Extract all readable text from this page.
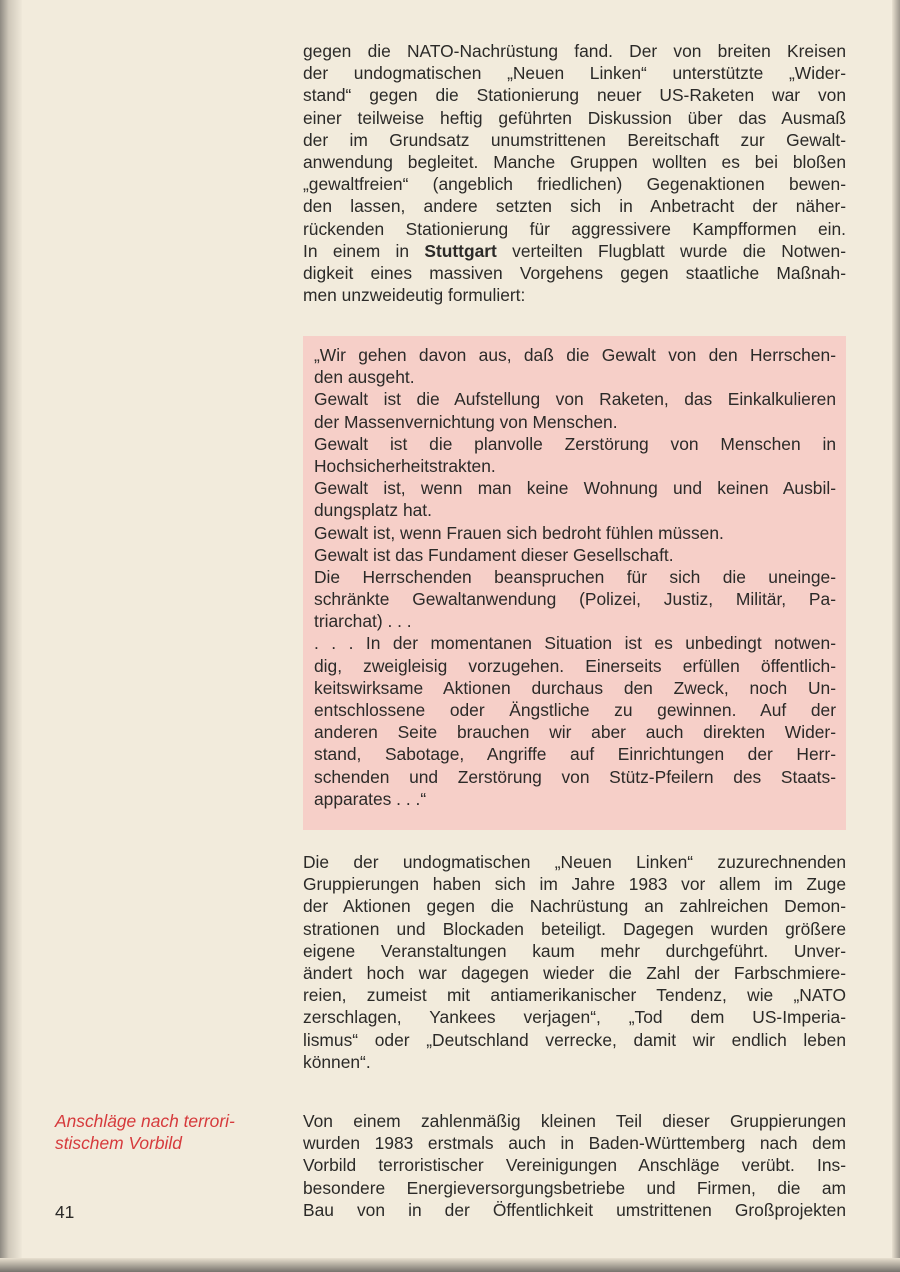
gegen die NATO-Nachrüstung fand. Der von breiten Kreisen
der undogmatischen „Neuen Linken“ unterstützte „Wider-
stand“ gegen die Stationierung neuer US-Raketen war von
einer teilweise heftig geführten Diskussion über das Ausmaß
der im Grundsatz unumstrittenen Bereitschaft zur Gewalt-
anwendung begleitet. Manche Gruppen wollten es bei bloßen
„gewaltfreien“ (angeblich friedlichen) Gegenaktionen bewen-
den lassen, andere setzten sich in Anbetracht der näher-
rückenden Stationierung für aggressivere Kampfformen ein.
In einem in Stuttgart verteilten Flugblatt wurde die Notwen-
digkeit eines massiven Vorgehens gegen staatliche Maßnah-
men unzweideutig formuliert:
„Wir gehen davon aus, daß die Gewalt von den Herrschen-
den ausgeht.
Gewalt ist die Aufstellung von Raketen, das Einkalkulieren
der Massenvernichtung von Menschen.
Gewalt ist die planvolle Zerstörung von Menschen in
Hochsicherheitstrakten.
Gewalt ist, wenn man keine Wohnung und keinen Ausbil-
dungsplatz hat.
Gewalt ist, wenn Frauen sich bedroht fühlen müssen.
Gewalt ist das Fundament dieser Gesellschaft.
Die Herrschenden beanspruchen für sich die uneinge-
schränkte Gewaltanwendung (Polizei, Justiz, Militär, Pa-
triarchat) . . .
. . . In der momentanen Situation ist es unbedingt notwen-
dig, zweigleisig vorzugehen. Einerseits erfüllen öffentlich-
keitswirksame Aktionen durchaus den Zweck, noch Un-
entschlossene oder Ängstliche zu gewinnen. Auf der
anderen Seite brauchen wir aber auch direkten Wider-
stand, Sabotage, Angriffe auf Einrichtungen der Herr-
schenden und Zerstörung von Stütz-Pfeilern des Staats-
apparates . . .“
Die der undogmatischen „Neuen Linken“ zuzurechnenden
Gruppierungen haben sich im Jahre 1983 vor allem im Zuge
der Aktionen gegen die Nachrüstung an zahlreichen Demon-
strationen und Blockaden beteiligt. Dagegen wurden größere
eigene Veranstaltungen kaum mehr durchgeführt. Unver-
ändert hoch war dagegen wieder die Zahl der Farbschmiere-
reien, zumeist mit antiamerikanischer Tendenz, wie „NATO
zerschlagen, Yankees verjagen“, „Tod dem US-Imperia-
lismus“ oder „Deutschland verrecke, damit wir endlich leben
können“.
Von einem zahlenmäßig kleinen Teil dieser Gruppierungen
wurden 1983 erstmals auch in Baden-Württemberg nach dem
Vorbild terroristischer Vereinigungen Anschläge verübt. Ins-
besondere Energieversorgungsbetriebe und Firmen, die am
Bau von in der Öffentlichkeit umstrittenen Großprojekten
Anschläge nach terrori-
stischem Vorbild
41
